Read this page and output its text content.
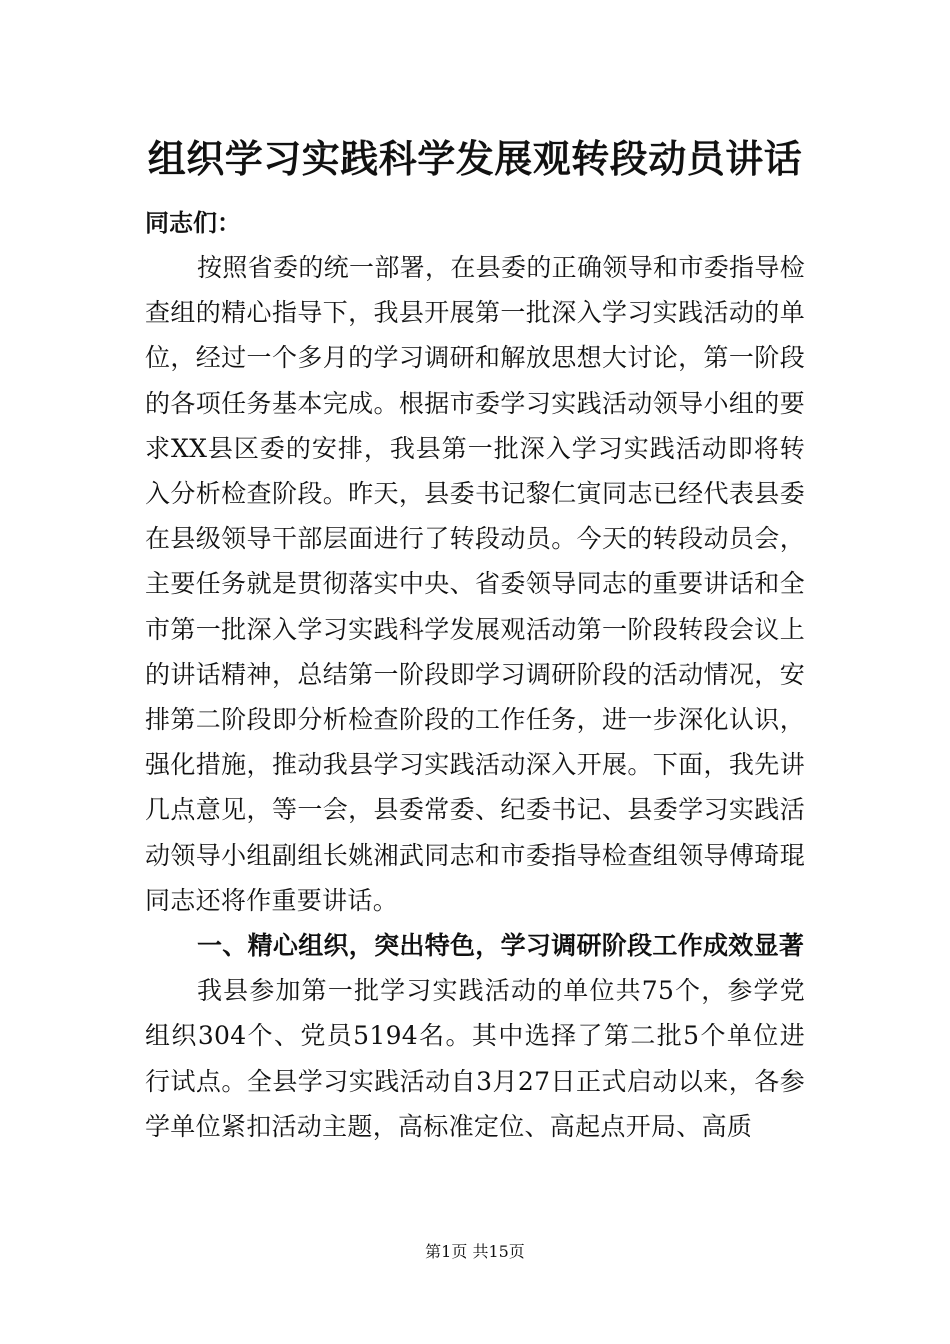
组织学习实践科学发展观转段动员讲话

同志们：

按照省委的统一部署，在县委的正确领导和市委指导检查组的精心指导下，我县开展第一批深入学习实践活动的单位，经过一个多月的学习调研和解放思想大讨论，第一阶段的各项任务基本完成。根据市委学习实践活动领导小组的要求XX县区委的安排，我县第一批深入学习实践活动即将转入分析检查阶段。昨天，县委书记黎仁寅同志已经代表县委在县级领导干部层面进行了转段动员。今天的转段动员会，主要任务就是贯彻落实中央、省委领导同志的重要讲话和全市第一批深入学习实践科学发展观活动第一阶段转段会议上的讲话精神，总结第一阶段即学习调研阶段的活动情况，安排第二阶段即分析检查阶段的工作任务，进一步深化认识，强化措施，推动我县学习实践活动深入开展。下面，我先讲几点意见，等一会，县委常委、纪委书记、县委学习实践活动领导小组副组长姚湘武同志和市委指导检查组领导傅琦琨同志还将作重要讲话。

一、精心组织，突出特色，学习调研阶段工作成效显著

我县参加第一批学习实践活动的单位共75个，参学党组织304个、党员5194名。其中选择了第二批5个单位进行试点。全县学习实践活动自3月27日正式启动以来，各参学单位紧扣活动主题，高标准定位、高起点开局、高质

第1页 共15页
